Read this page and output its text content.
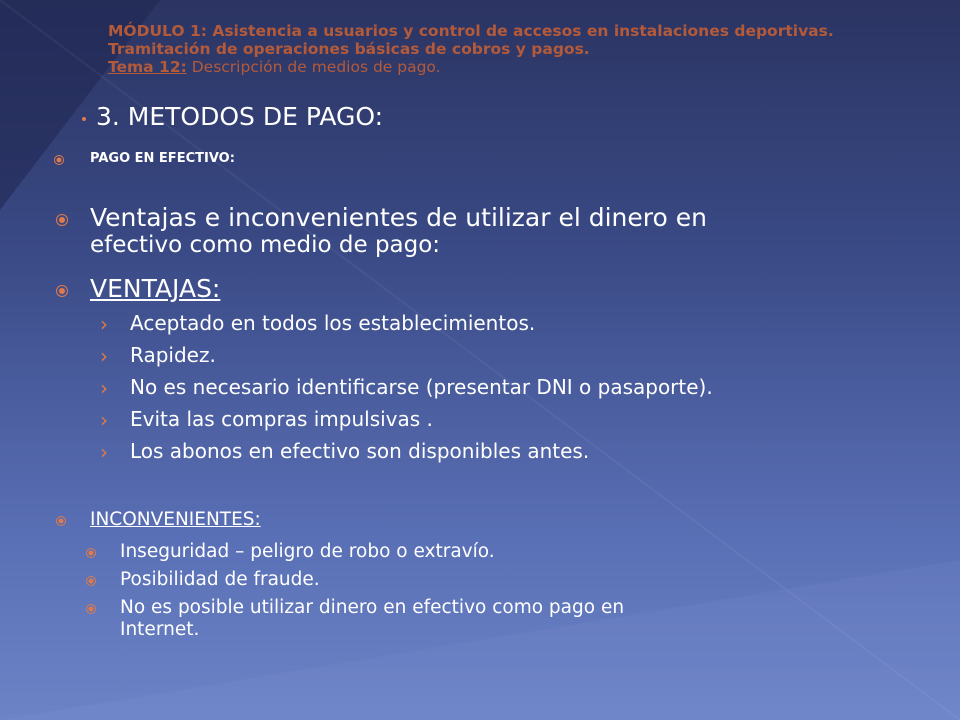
MÓDULO 1: Asistencia a usuarios y control de accesos en instalaciones deportivas.
Tramitación de operaciones básicas de cobros y pagos.
Tema 12: Descripción de medios de pago.
3. METODOS DE PAGO:
PAGO EN EFECTIVO:
Ventajas e inconvenientes de utilizar el dinero en
efectivo como medio de pago:
VENTAJAS:
› Aceptado en todos los establecimientos.
› Rapidez.
› No es necesario identificarse (presentar DNI o pasaporte).
› Evita las compras impulsivas .
› Los abonos en efectivo son disponibles antes.
INCONVENIENTES:
Inseguridad – peligro de robo o extravío.
Posibilidad de fraude.
No es posible utilizar dinero en efectivo como pago en
Internet.
